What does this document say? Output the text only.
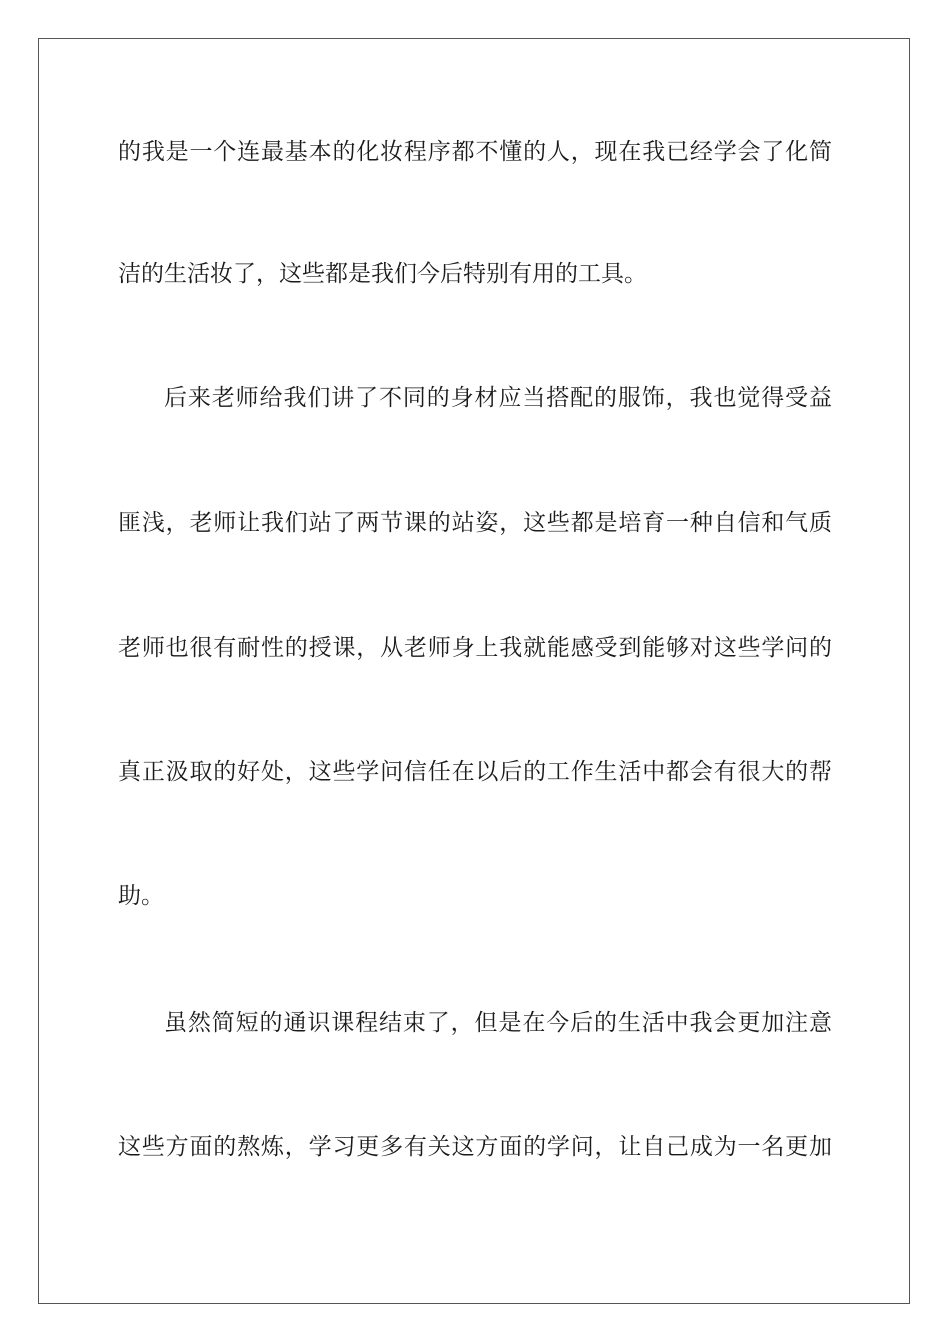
的我是一个连最基本的化妆程序都不懂的人，现在我已经学会了化简
洁的生活妆了，这些都是我们今后特别有用的工具。
后来老师给我们讲了不同的身材应当搭配的服饰，我也觉得受益
匪浅，老师让我们站了两节课的站姿，这些都是培育一种自信和气质
老师也很有耐性的授课，从老师身上我就能感受到能够对这些学问的
真正汲取的好处，这些学问信任在以后的工作生活中都会有很大的帮
助。
虽然简短的通识课程结束了，但是在今后的生活中我会更加注意
这些方面的熬炼，学习更多有关这方面的学问，让自己成为一名更加
